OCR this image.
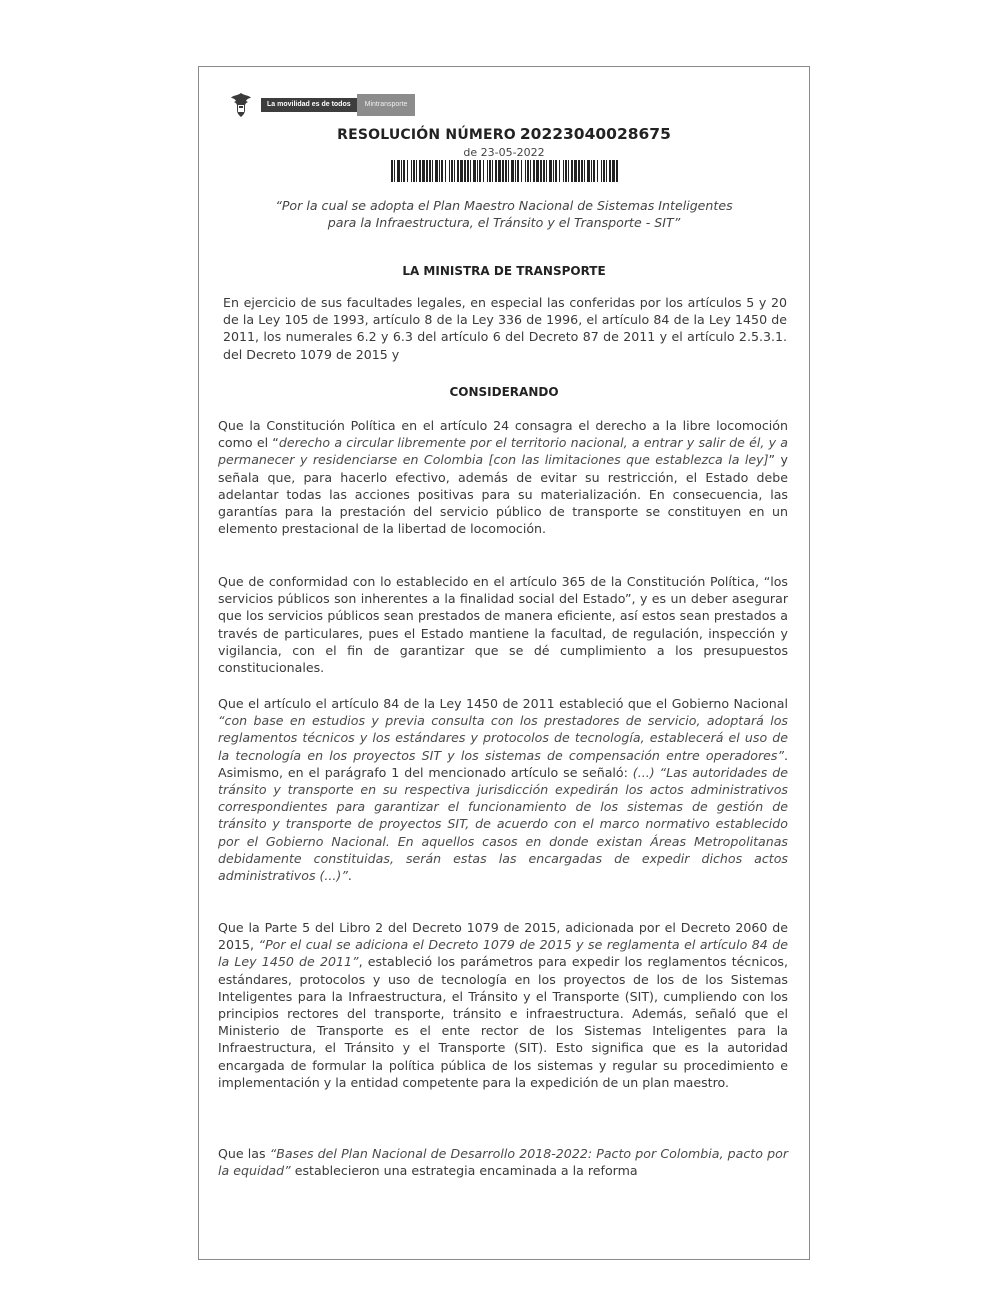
La movilidad es de todos	Mintransporte
RESOLUCIÓN NÚMERO 20223040028675
de 23-05-2022
“Por la cual se adopta el Plan Maestro Nacional de Sistemas Inteligentes
para la Infraestructura, el Tránsito y el Transporte - SIT”
LA MINISTRA DE TRANSPORTE
En ejercicio de sus facultades legales, en especial las conferidas por los artículos 5 y 20 de la Ley 105 de 1993, artículo 8 de la Ley 336 de 1996, el artículo 84 de la Ley 1450 de 2011, los numerales 6.2 y 6.3 del artículo 6 del Decreto 87 de 2011 y el artículo 2.5.3.1. del Decreto 1079 de 2015 y
CONSIDERANDO

Que la Constitución Política en el artículo 24 consagra el derecho a la libre locomoción como el “derecho a circular libremente por el territorio nacional, a entrar y salir de él, y a permanecer y residenciarse en Colombia [con las limitaciones que establezca la ley]” y señala que, para hacerlo efectivo, además de evitar su restricción, el Estado debe adelantar todas las acciones positivas para su materialización. En consecuencia, las garantías para la prestación del servicio público de transporte se constituyen en un elemento prestacional de la libertad de locomoción.

Que de conformidad con lo establecido en el artículo 365 de la Constitución Política, “los servicios públicos son inherentes a la finalidad social del Estado”, y es un deber asegurar que los servicios públicos sean prestados de manera eficiente, así estos sean prestados a través de particulares, pues el Estado mantiene la facultad, de regulación, inspección y vigilancia, con el fin de garantizar que se dé cumplimiento a los presupuestos constitucionales.

Que el artículo el artículo 84 de la Ley 1450 de 2011 estableció que el Gobierno Nacional “con base en estudios y previa consulta con los prestadores de servicio, adoptará los reglamentos técnicos y los estándares y protocolos de tecnología, establecerá el uso de la tecnología en los proyectos SIT y los sistemas de compensación entre operadores”. Asimismo, en el parágrafo 1 del mencionado artículo se señaló: (...) “Las autoridades de tránsito y transporte en su respectiva jurisdicción expedirán los actos administrativos correspondientes para garantizar el funcionamiento de los sistemas de gestión de tránsito y transporte de proyectos SIT, de acuerdo con el marco normativo establecido por el Gobierno Nacional. En aquellos casos en donde existan Áreas Metropolitanas debidamente constituidas, serán estas las encargadas de expedir dichos actos administrativos (...)”.

Que la Parte 5 del Libro 2 del Decreto 1079 de 2015, adicionada por el Decreto 2060 de 2015, “Por el cual se adiciona el Decreto 1079 de 2015 y se reglamenta el artículo 84 de la Ley 1450 de 2011”, estableció los parámetros para expedir los reglamentos técnicos, estándares, protocolos y uso de tecnología en los proyectos de los de los Sistemas Inteligentes para la Infraestructura, el Tránsito y el Transporte (SIT), cumpliendo con los principios rectores del transporte, tránsito e infraestructura. Además, señaló que el Ministerio de Transporte es el ente rector de los Sistemas Inteligentes para la Infraestructura, el Tránsito y el Transporte (SIT). Esto significa que es la autoridad encargada de formular la política pública de los sistemas y regular su procedimiento e implementación y la entidad competente para la expedición de un plan maestro.

Que las “Bases del Plan Nacional de Desarrollo 2018-2022: Pacto por Colombia, pacto por la equidad” establecieron una estrategia encaminada a la reforma
